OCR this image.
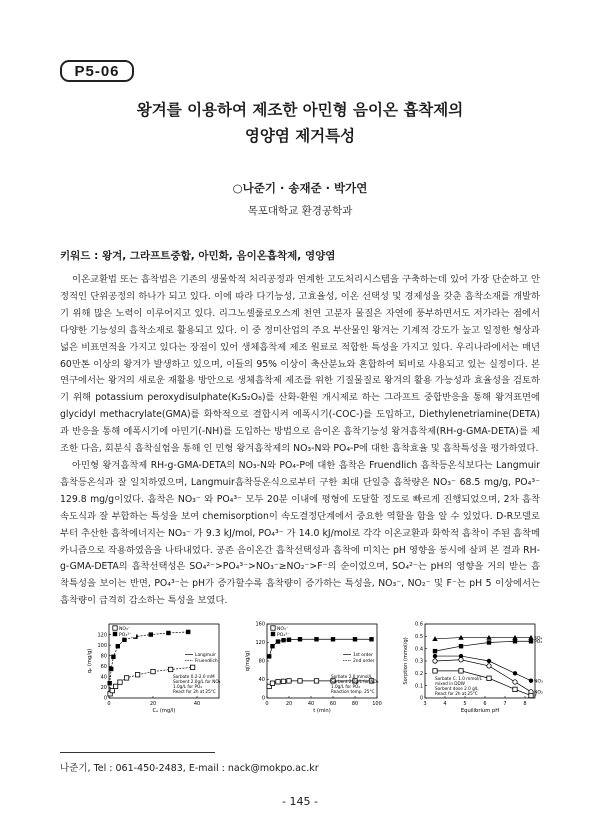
P5-06
왕겨를 이용하여 제조한 아민형 음이온 흡착제의
영양염 제거특성
○나준기 · 송재준 · 박가연
목포대학교 환경공학과
키워드 : 왕겨, 그라프트중합, 아민화, 음이온흡착제, 영양염

이온교환법 또는 흡착법은 기존의 생물학적 처리공정과 연계한 고도처리시스템을 구축하는데 있어 가장 단순하고 안정적인 단위공정의 하나가 되고 있다. 이에 따라 다기능성, 고효율성, 이온 선택성 및 경제성을 갖춘 흡착소재를 개발하기 위해 많은 노력이 이루어지고 있다. 리그노셀룰로오스계 천연 고분자 물질은 자연에 풍부하면서도 저가라는 점에서 다양한 기능성의 흡착소재로 활용되고 있다. 이 중 정미산업의 주요 부산물인 왕겨는 기계적 강도가 높고 일정한 형상과 넓은 비표면적을 가지고 있다는 장점이 있어 생체흡착제 제조 원료로 적합한 특성을 가지고 있다. 우리나라에서는 매년 60만톤 이상의 왕겨가 발생하고 있으며, 이들의 95% 이상이 축산분뇨와 혼합하여 퇴비로 사용되고 있는 실정이다. 본 연구에서는 왕겨의 새로운 재활용 방안으로 생체흡착제 제조를 위한 기질물질로 왕겨의 활용 가능성과 효율성을 검토하기 위해 potassium peroxydisulphate(K₂S₂O₈)를 산화-환원 개시제로 하는 그라프트 중합반응을 통해 왕겨표면에 glycidyl methacrylate(GMA)를 화학적으로 결합시켜 에폭시기(-COC-)를 도입하고, Diethylenetriamine(DETA)과 반응을 통해 에폭시기에 아민기(-NH)를 도입하는 방법으로 음이온 흡착기능성 왕겨흡착제(RH-g-GMA-DETA)를 제조한 다음, 회분식 흡착실험을 통해 인 민형 왕겨흡착제의 NO₃-N와 PO₄-P에 대한 흡착효율 및 흡착특성을 평가하였다.

아민형 왕겨흡착제 RH-g-GMA-DETA의 NO₃-N와 PO₄-P에 대한 흡착은 Fruendlich 흡착등온식보다는 Langmuir 흡착등온식과 잘 일치하였으며, Langmuir흡착등온식으로부터 구한 최대 단일층 흡착량은 NO₃⁻ 68.5 mg/g, PO₄³⁻ 129.8 mg/g이었다. 흡착은 NO₃⁻ 와 PO₄³⁻ 모두 20분 이내에 평형에 도달할 정도로 빠르게 진행되었으며, 2차 흡착속도식과 잘 부합하는 특성을 보여 chemisorption이 속도결정단계에서 중요한 역할을 함을 알 수 있었다. D-R모델로부터 추산한 흡착에너지는 NO₃⁻ 가 9.3 kJ/mol, PO₄³⁻ 가 14.0 kJ/mol로 각각 이온교환과 화학적 흡착이 주된 흡착메카니즘으로 작용하였음을 나타내었다. 공존 음이온간 흡착선택성과 흡착에 미치는 pH 영향을 동시에 살펴 본 결과 RH-g-GMA-DETA의 흡착선택성은 SO₄²⁻>PO₄³⁻>NO₃⁻≥NO₂⁻>F⁻의 순이었으며, SO₄²⁻는 pH의 영향을 거의 받는 흡착특성을 보이는 반면, PO₄³⁻는 pH가 증가할수록 흡착량이 증가하는 특성을, NO₃⁻, NO₂⁻ 및 F⁻는 pH 5 이상에서는 흡착량이 급격히 감소하는 특성을 보였다.

0	20	40
0
20
40
60
80
100
120
Cₑ (mg/l)
qₑ (mg/g)
NO₃⁻
PO₄³⁻
Langmuir
Fruendlich
Sorbate 0.2-2.0 mM
Sorbent 2.0g/L for NO₃
1.0g/L for PO₄
React for 2h at 25°C
0	20	40	60	80	100
0
40
80
120
160
t (min)
q(mg/g)
NO₃⁻
PO₄³⁻
1st order
2nd order
Sorbate 2.0 mmol/L
Sorbent 2.0g/L for NO₃
1.0g/L for PO₄
Reaction temp. 25°C
3	4	5	6	7	8
0
0.1
0.2
0.3
0.4
0.5
0.6
Equilibrium pH
Sorption (mmol/g)	SO₄
PO₄
NO₃
NO₂
F
Sorbate C. 1.0 mmol/L
mixed in DDW
Sorbent dose 2.0 g/L
React for 2h at 25°C
나준기, Tel : 061-450-2483, E-mail : nack@mokpo.ac.kr
- 145 -
